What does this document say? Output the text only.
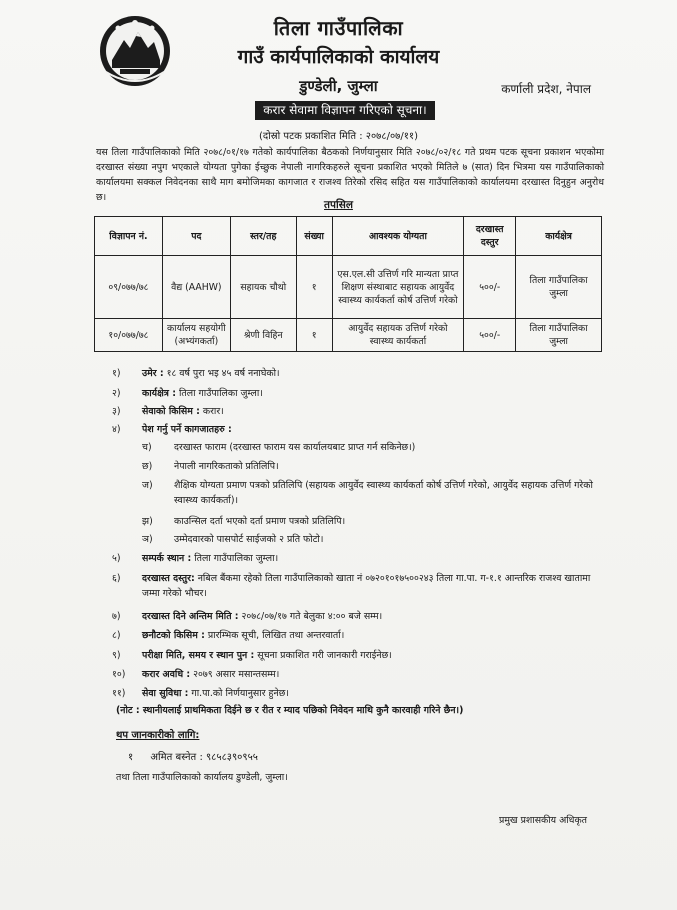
तिला गाउँपालिका
गाउँ कार्यपालिकाको कार्यालय
डुण्डेली, जुम्ला	कर्णाली प्रदेश, नेपाल
करार सेवामा विज्ञापन गरिएको सूचना।
(दोस्रो पटक प्रकाशित मिति : २०७८/०७/११)
यस तिला गाउँपालिकाको मिति २०७८/०१/१७ गतेको कार्यपालिका बैठकको निर्णयानुसार मिति २०७८/०२/१८ गते प्रथम पटक सूचना प्रकाशन भएकोमा दरखास्त संख्या नपुग भएकाले योग्यता पुगेका ईच्छुक नेपाली नागरिकहरुले सूचना प्रकाशित भएको मितिले ७ (सात) दिन भित्रमा यस गाउँपालिकाको कार्यालयमा सक्कल निवेदनका साथै माग बमोजिमका कागजात र राजश्व तिरेको रसिद सहित यस गाउँपालिकाको कार्यालयमा दरखास्त दिनुहुन अनुरोध छ।
तपसिल
विज्ञापन नं.	पद	स्तर/तह	संख्या	आवश्यक योग्यता	दरखास्त दस्तुर	कार्यक्षेत्र
०९/०७७/७८	वैद्य (AAHW)	सहायक चौथो	१	एस.एल.सी उत्तिर्ण गरि मान्यता प्राप्त शिक्षण संस्थाबाट सहायक आयुर्वेद स्वास्थ्य कार्यकर्ता कोर्ष उत्तिर्ण गरेको	५००/-	तिला गाउँपालिका जुम्ला
१०/०७७/७८	कार्यालय सहयोगी (अभ्यंगकर्ता)	श्रेणी विहिन	१	आयुर्वेद सहायक उत्तिर्ण गरेको स्वास्थ्य कार्यकर्ता	५००/-	तिला गाउँपालिका जुम्ला
१)	उमेर : १८ वर्ष पुरा भइ ४५ वर्ष ननाघेको।
२)	कार्यक्षेत्र : तिला गाउँपालिका जुम्ला।
३)	सेवाको किसिम : करार।
४)	पेश गर्नु पर्ने कागजातहरु :
च)	दरखास्त फाराम (दरखास्त फाराम यस कार्यालयबाट प्राप्त गर्न सकिनेछ।)
छ)	नेपाली नागरिकताको प्रतिलिपि।
ज)	शैक्षिक योग्यता प्रमाण पत्रको प्रतिलिपि (सहायक आयुर्वेद स्वास्थ्य कार्यकर्ता कोर्ष उत्तिर्ण गरेको, आयुर्वेद सहायक उत्तिर्ण गरेको स्वास्थ्य कार्यकर्ता)।
झ)	काउन्सिल दर्ता भएको दर्ता प्रमाण पत्रको प्रतिलिपि।
ञ)	उम्मेदवारको पासपोर्ट साईजको २ प्रति फोटो।
५)	सम्पर्क स्थान : तिला गाउँपालिका जुम्ला।
६)	दरखास्त दस्तुर: नबिल बैंकमा रहेको तिला गाउँपालिकाको खाता नं ०७२०१०१७५००२४३ तिला गा.पा. ग-१.१ आन्तरिक राजश्व खातामा जम्मा गरेको भौचर।
७)	दरखास्त दिने अन्तिम मिति : २०७८/०७/१७ गते बेलुका ४:०० बजे सम्म।
८)	छनौटको किसिम : प्रारम्भिक सूची, लिखित तथा अन्तरवार्ता।
९)	परीक्षा मिति, समय र स्थान पुन : सूचना प्रकाशित गरी जानकारी गराईनेछ।
१०)	करार अवधि : २०७९ असार मसान्तसम्म।
११)	सेवा सुविधा : गा.पा.को निर्णयानुसार हुनेछ।
(नोट : स्थानीयलाई प्राथमिकता दिईने छ र रीत र म्याद पछिको निवेदन माथि कुनै कारवाही गरिने छैन।)
थप जानकारीको लागि:
१ अमित बस्नेत : ९८५८३९०९५५
तथा तिला गाउँपालिकाको कार्यालय डुण्डेली, जुम्ला।
प्रमुख प्रशासकीय अधिकृत
